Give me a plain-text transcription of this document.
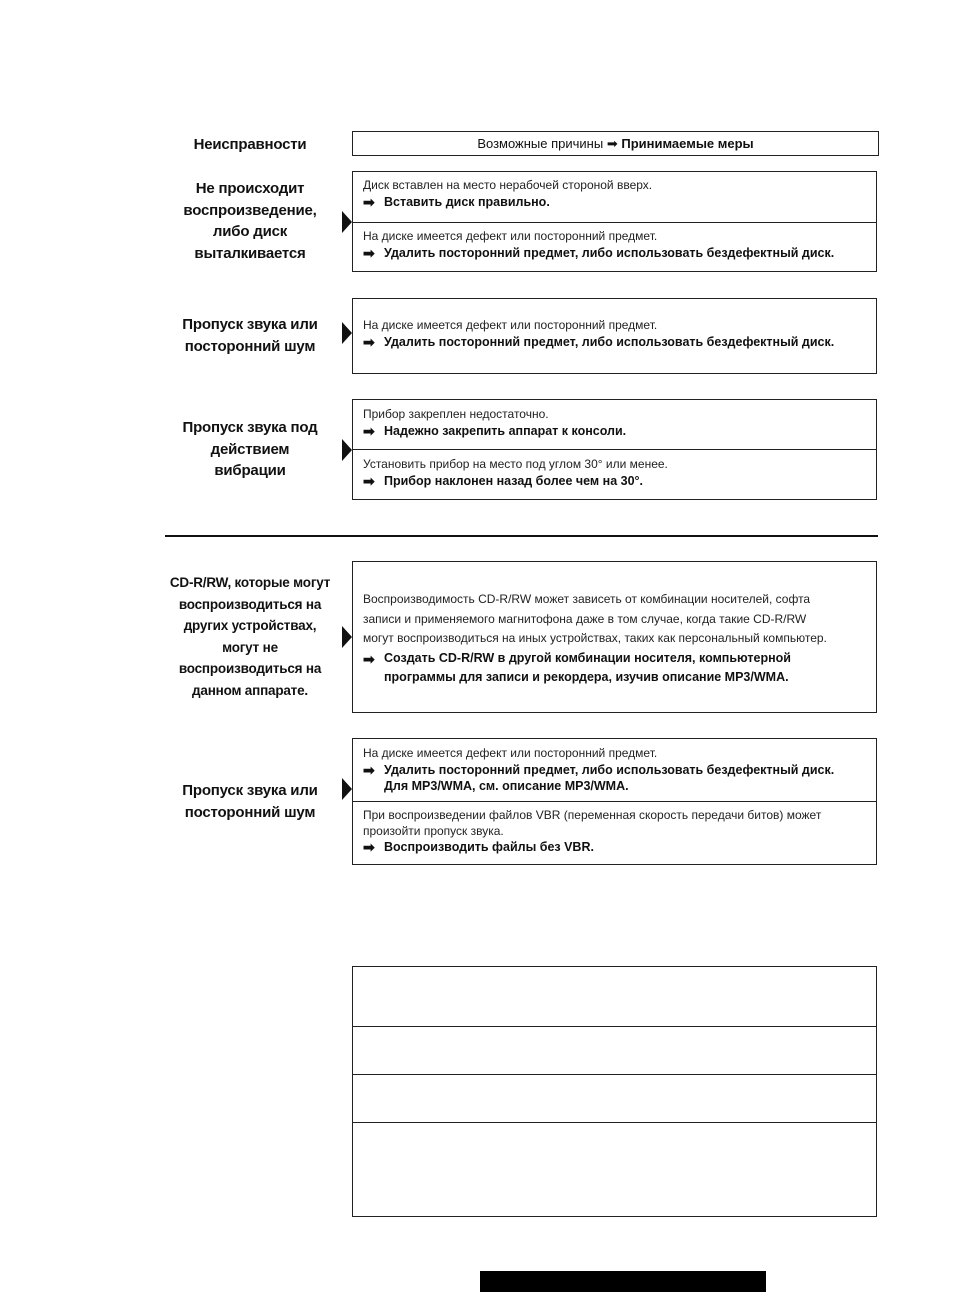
Неисправности	Возможные причины ➡ Принимаемые меры
Не происходит
воспроизведение,
либо диск
выталкивается
Диск вставлен на место нерабочей стороной вверх.
➡ Вставить диск правильно.
На диске имеется дефект или посторонний предмет.
➡ Удалить посторонний предмет, либо использовать бездефектный диск.
Пропуск звука или
посторонний шум
На диске имеется дефект или посторонний предмет.
➡ Удалить посторонний предмет, либо использовать бездефектный диск.
Пропуск звука под
действием
вибрации
Прибор закреплен недостаточно.
➡ Надежно закрепить аппарат к консоли.
Установить прибор на место под углом 30° или менее.
➡ Прибор наклонен назад более чем на 30°.
CD-R/RW, которые могут
воспроизводиться на
других устройствах,
могут не
воспроизводиться на
данном аппарате.
Воспроизводимость CD-R/RW может зависеть от комбинации носителей, софта
записи и применяемого магнитофона даже в том случае, когда такие CD-R/RW
могут воспроизводиться на иных устройствах, таких как персональный компьютер.
➡ Создать CD-R/RW в другой комбинации носителя, компьютерной
программы для записи и рекордера, изучив описание MP3/WMA.
Пропуск звука или
посторонний шум
На диске имеется дефект или посторонний предмет.
➡ Удалить посторонний предмет, либо использовать бездефектный диск.
Для MP3/WMA, см. описание MP3/WMA.
При воспроизведении файлов VBR (переменная скорость передачи битов) может
произойти пропуск звука.
➡ Воспроизводить файлы без VBR.
